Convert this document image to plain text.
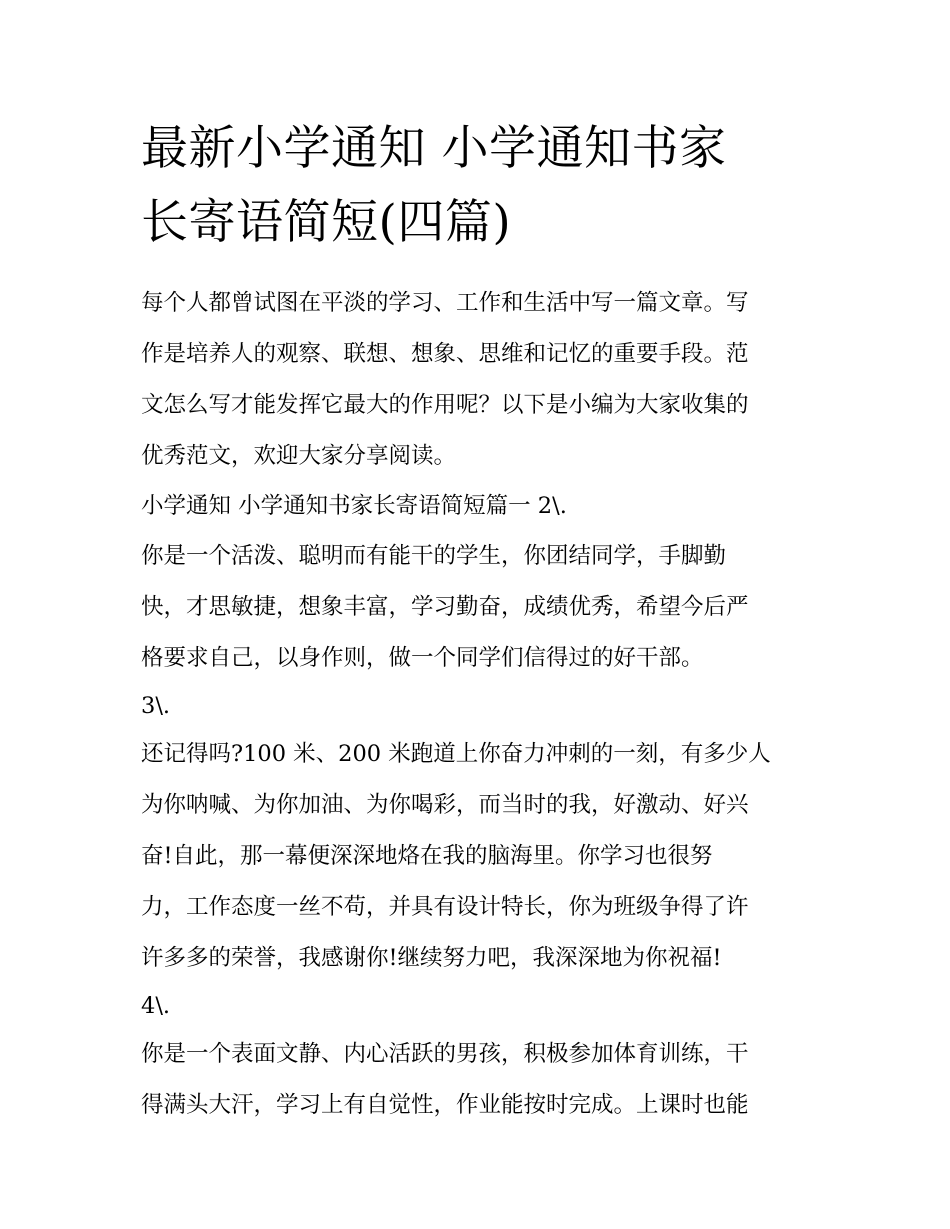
最新小学通知 小学通知书家
长寄语简短(四篇)

每个人都曾试图在平淡的学习、工作和生活中写一篇文章。写
作是培养人的观察、联想、想象、思维和记忆的重要手段。范
文怎么写才能发挥它最大的作用呢？以下是小编为大家收集的
优秀范文，欢迎大家分享阅读。

小学通知 小学通知书家长寄语简短篇一 2\.

你是一个活泼、聪明而有能干的学生，你团结同学，手脚勤
快，才思敏捷，想象丰富，学习勤奋，成绩优秀，希望今后严
格要求自己，以身作则，做一个同学们信得过的好干部。

3\.

还记得吗?100 米、200 米跑道上你奋力冲刺的一刻，有多少人
为你呐喊、为你加油、为你喝彩，而当时的我，好激动、好兴
奋!自此，那一幕便深深地烙在我的脑海里。你学习也很努
力，工作态度一丝不苟，并具有设计特长，你为班级争得了许
许多多的荣誉，我感谢你!继续努力吧，我深深地为你祝福!

4\.

你是一个表面文静、内心活跃的男孩，积极参加体育训练，干
得满头大汗，学习上有自觉性，作业能按时完成。上课时也能
